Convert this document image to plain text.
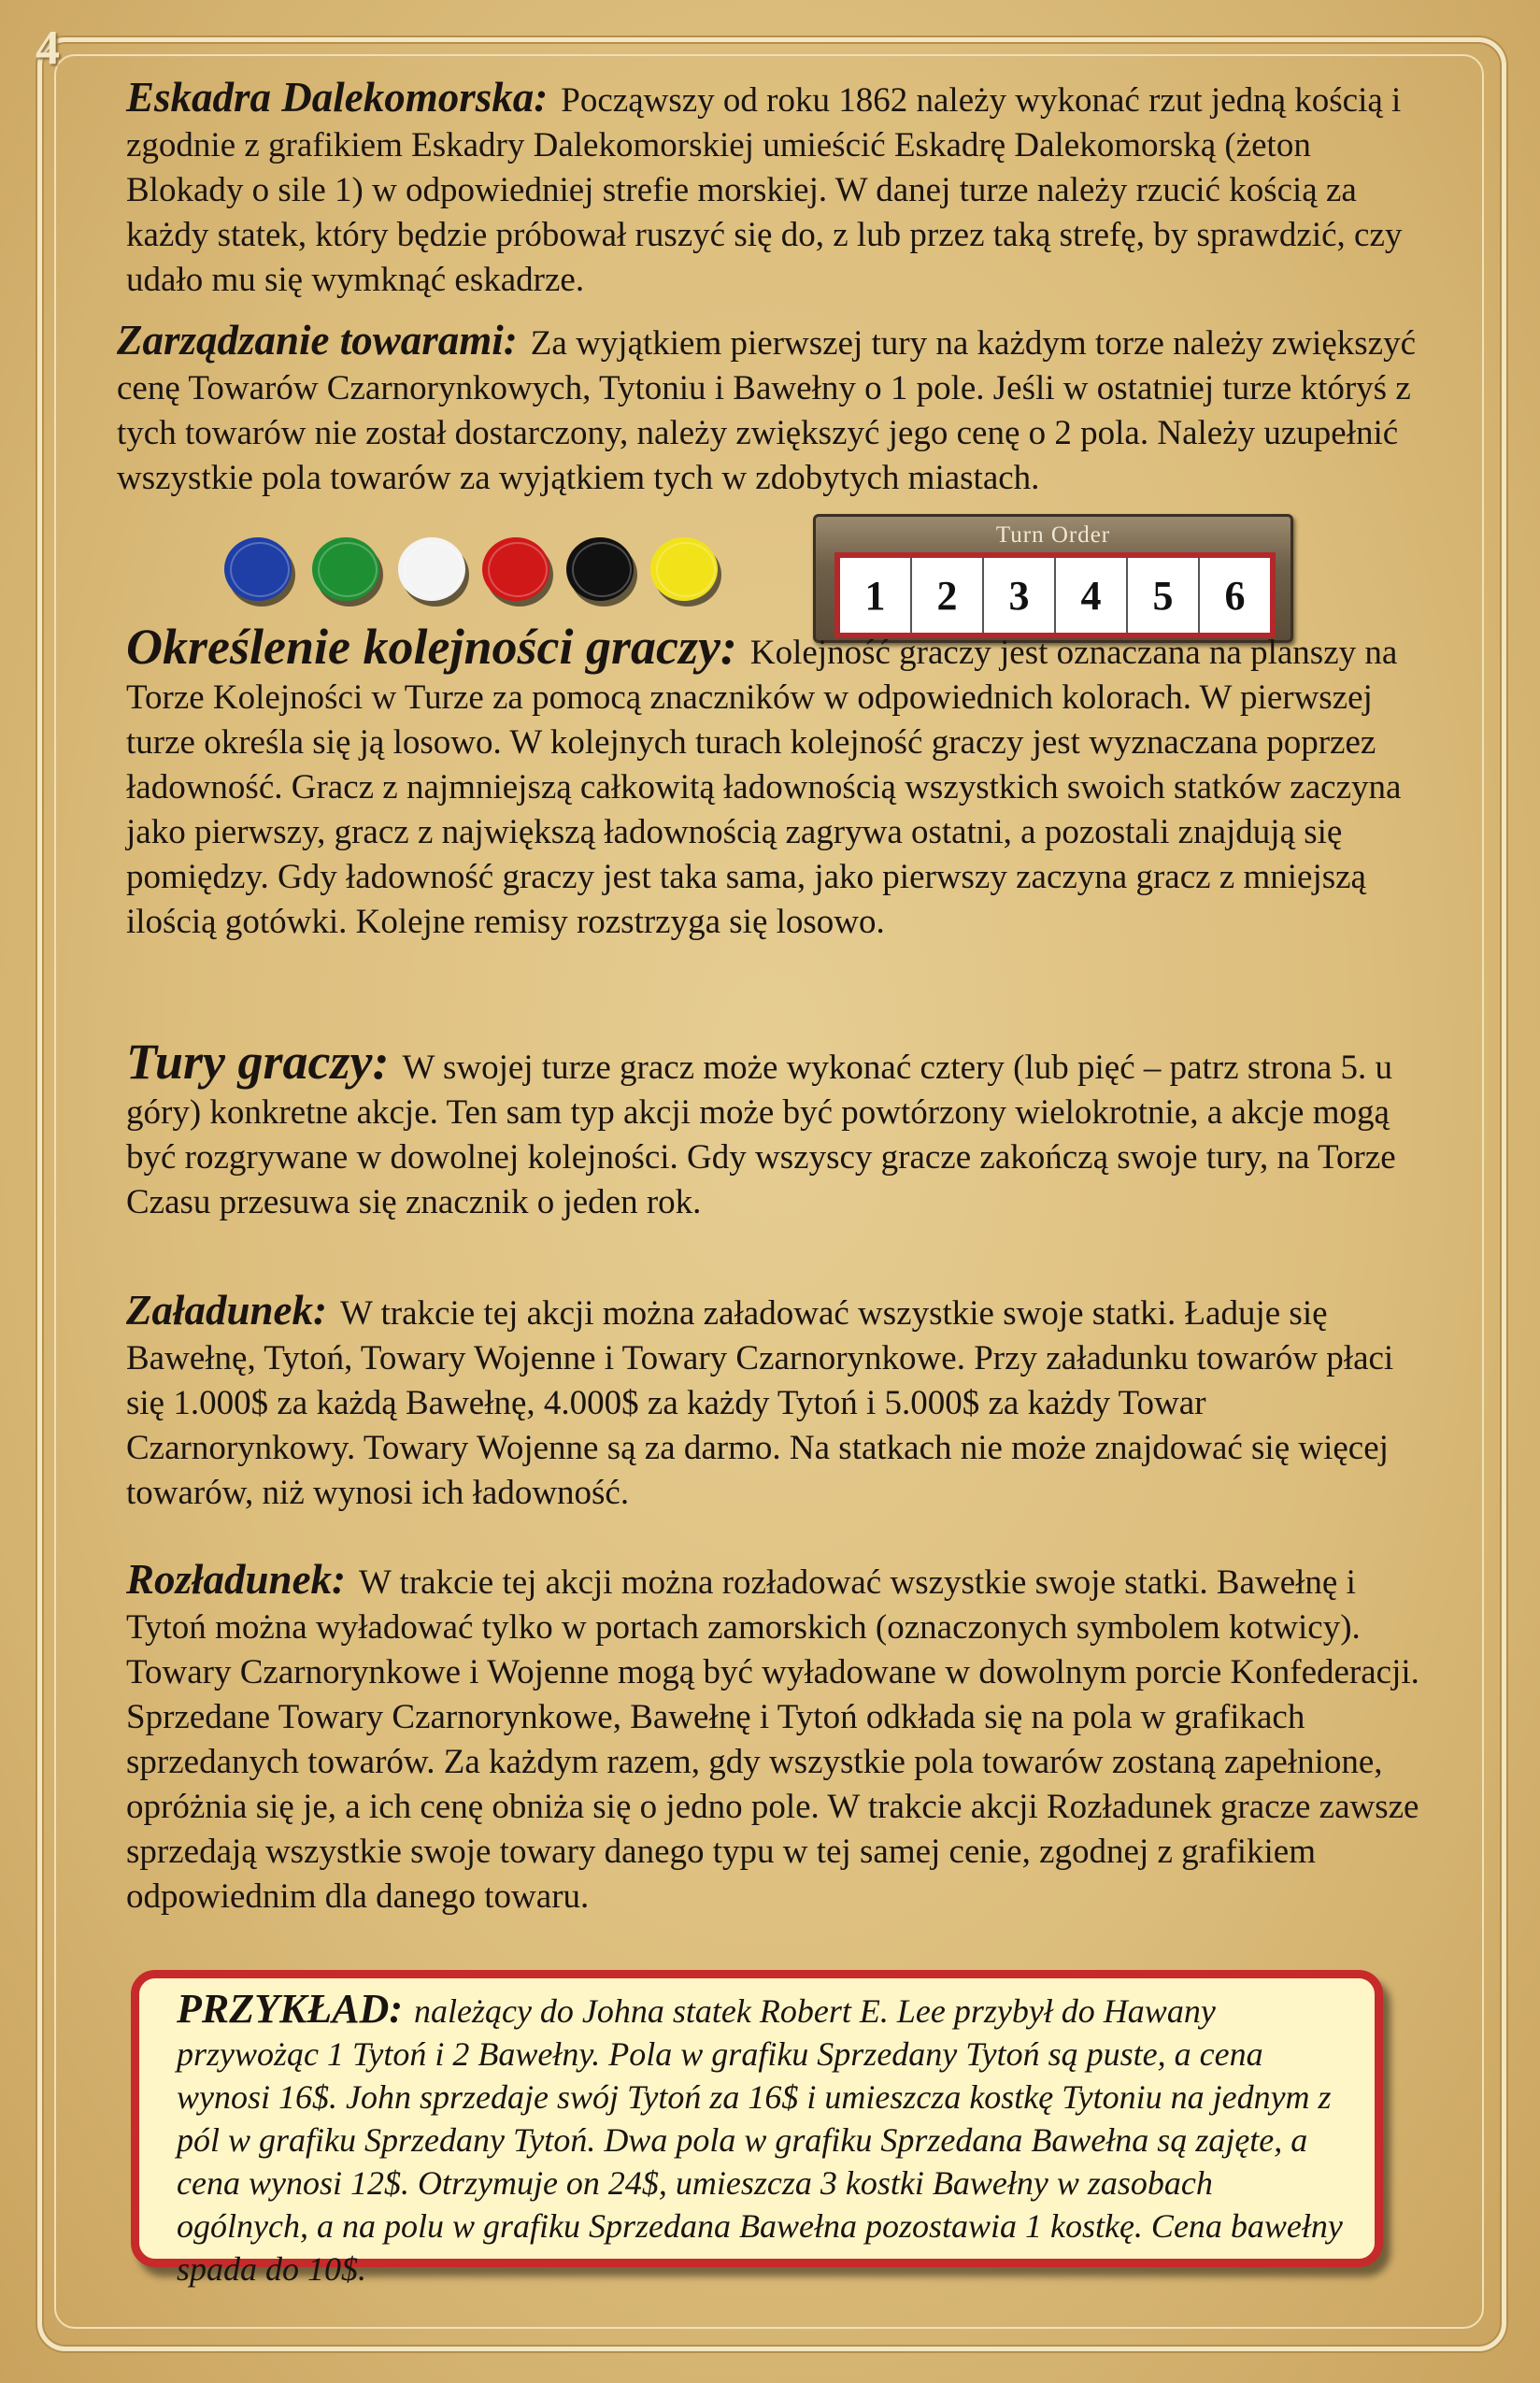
4
Eskadra Dalekomorska: Począwszy od roku 1862 należy wykonać rzut jedną kością i zgodnie z grafikiem Eskadry Dalekomorskiej umieścić Eskadrę Dalekomorską (żeton Blokady o sile 1) w odpowiedniej strefie morskiej. W danej turze należy rzucić kością za każdy statek, który będzie próbował ruszyć się do, z lub przez taką strefę, by sprawdzić, czy udało mu się wymknąć eskadrze.
Zarządzanie towarami: Za wyjątkiem pierwszej tury na każdym torze należy zwiększyć cenę Towarów Czarnorynkowych, Tytoniu i Bawełny o 1 pole. Jeśli w ostatniej turze któryś z tych towarów nie został dostarczony, należy zwiększyć jego cenę o 2 pola. Należy uzupełnić wszystkie pola towarów za wyjątkiem tych w zdobytych miastach.
Turn Order
1	2	3	4	5	6
Określenie kolejności graczy: Kolejność graczy jest oznaczana na planszy na Torze Kolejności w Turze za pomocą znaczników w odpowiednich kolorach. W pierwszej turze określa się ją losowo. W kolejnych turach kolejność graczy jest wyznaczana poprzez ładowność. Gracz z najmniejszą całkowitą ładownością wszystkich swoich statków zaczyna jako pierwszy, gracz z największą ładownością zagrywa ostatni, a pozostali znajdują się pomiędzy. Gdy ładowność graczy jest taka sama, jako pierwszy zaczyna gracz z mniejszą ilością gotówki. Kolejne remisy rozstrzyga się losowo.
Tury graczy: W swojej turze gracz może wykonać cztery (lub pięć – patrz strona 5. u góry) konkretne akcje. Ten sam typ akcji może być powtórzony wielokrotnie, a akcje mogą być rozgrywane w dowolnej kolejności. Gdy wszyscy gracze zakończą swoje tury, na Torze Czasu przesuwa się znacznik o jeden rok.
Załadunek: W trakcie tej akcji można załadować wszystkie swoje statki. Ładuje się Bawełnę, Tytoń, Towary Wojenne i Towary Czarnorynkowe. Przy załadunku towarów płaci się 1.000$ za każdą Bawełnę, 4.000$ za każdy Tytoń i 5.000$ za każdy Towar Czarnorynkowy. Towary Wojenne są za darmo. Na statkach nie może znajdować się więcej towarów, niż wynosi ich ładowność.
Rozładunek: W trakcie tej akcji można rozładować wszystkie swoje statki. Bawełnę i Tytoń można wyładować tylko w portach zamorskich (oznaczonych symbolem kotwicy). Towary Czarnorynkowe i Wojenne mogą być wyładowane w dowolnym porcie Konfederacji. Sprzedane Towary Czarnorynkowe, Bawełnę i Tytoń odkłada się na pola w grafikach sprzedanych towarów. Za każdym razem, gdy wszystkie pola towarów zostaną zapełnione, opróżnia się je, a ich cenę obniża się o jedno pole. W trakcie akcji Rozładunek gracze zawsze sprzedają wszystkie swoje towary danego typu w tej samej cenie, zgodnej z grafikiem odpowiednim dla danego towaru.
PRZYKŁAD: należący do Johna statek Robert E. Lee przybył do Hawany przywożąc 1 Tytoń i 2 Bawełny. Pola w grafiku Sprzedany Tytoń są puste, a cena wynosi 16$. John sprzedaje swój Tytoń za 16$ i umieszcza kostkę Tytoniu na jednym z pól w grafiku Sprzedany Tytoń. Dwa pola w grafiku Sprzedana Bawełna są zajęte, a cena wynosi 12$. Otrzymuje on 24$, umieszcza 3 kostki Bawełny w zasobach ogólnych, a na polu w grafiku Sprzedana Bawełna pozostawia 1 kostkę. Cena bawełny spada do 10$.
